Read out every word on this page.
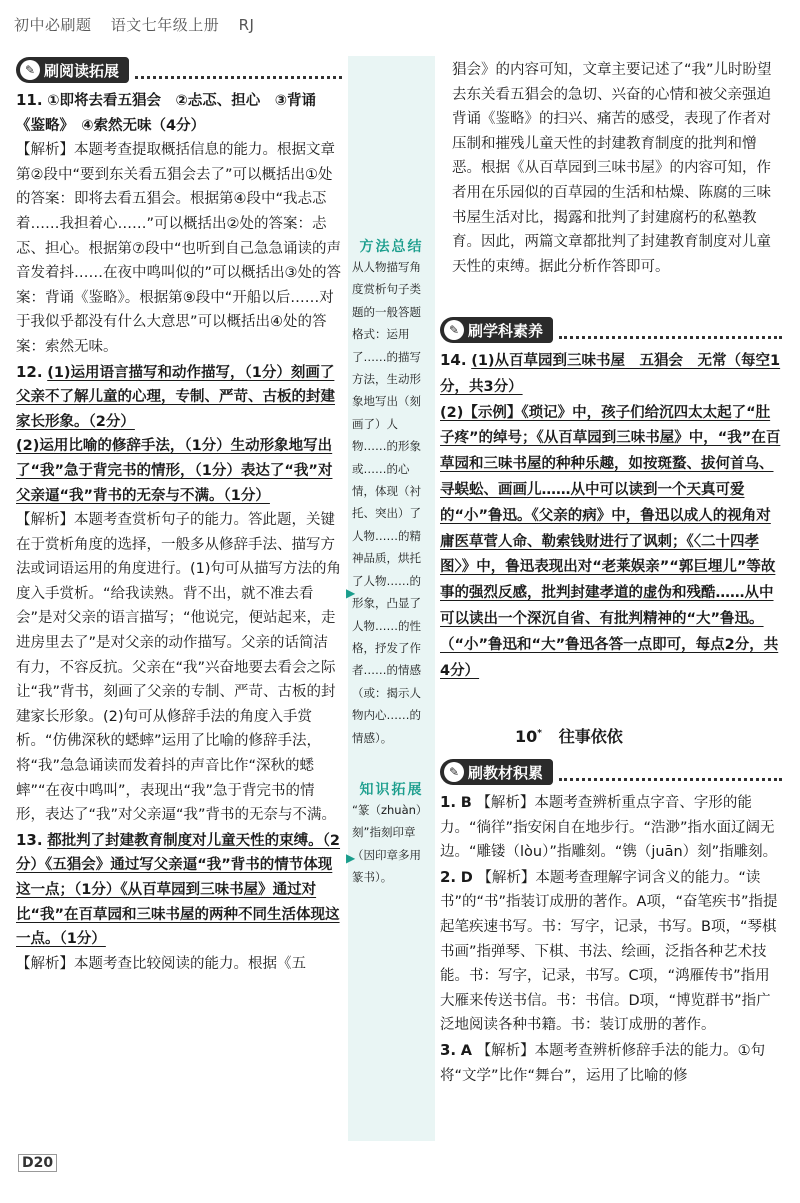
初中必刷题 语文七年级上册 RJ
✎ 刷阅读拓展

11. ①即将去看五猖会　②忐忑、担心　③背诵《鉴略》　④索然无味（4分）

【解析】本题考查提取概括信息的能力。根据文章第②段中“要到东关看五猖会去了”可以概括出①处的答案：即将去看五猖会。根据第④段中“我忐忑着……我担着心……”可以概括出②处的答案：忐忑、担心。根据第⑦段中“也听到自己急急诵读的声音发着抖……在夜中鸣叫似的”可以概括出③处的答案：背诵《鉴略》。根据第⑨段中“开船以后……对于我似乎都没有什么大意思”可以概括出④处的答案：索然无味。

12. (1)运用语言描写和动作描写，（1分）刻画了父亲不了解儿童的心理，专制、严苛、古板的封建家长形象。（2分）

(2)运用比喻的修辞手法，（1分）生动形象地写出了“我”急于背完书的情形，（1分）表达了“我”对父亲逼“我”背书的无奈与不满。（1分）

【解析】本题考查赏析句子的能力。答此题，关键在于赏析角度的选择，一般多从修辞手法、描写方法或词语运用的角度进行。(1)句可从描写方法的角度入手赏析。“给我读熟。背不出，就不准去看会”是对父亲的语言描写；“他说完，便站起来，走进房里去了”是对父亲的动作描写。父亲的话简洁有力，不容反抗。父亲在“我”兴奋地要去看会之际让“我”背书，刻画了父亲的专制、严苛、古板的封建家长形象。(2)句可从修辞手法的角度入手赏析。“仿佛深秋的蟋蟀”运用了比喻的修辞手法，将“我”急急诵读而发着抖的声音比作“深秋的蟋蟀”“在夜中鸣叫”，表现出“我”急于背完书的情形，表达了“我”对父亲逼“我”背书的无奈与不满。

13. 都批判了封建教育制度对儿童天性的束缚。（2分）《五猖会》通过写父亲逼“我”背书的情节体现这一点；（1分）《从百草园到三味书屋》通过对比“我”在百草园和三味书屋的两种不同生活体现这一点。（1分）

【解析】本题考查比较阅读的能力。根据《五

方法总结
从人物描写角度赏析句子类题的一般答题格式：运用了……的描写方法，生动形象地写出（刻画了）人物……的形象或……的心情，体现（衬托、突出）了人物……的精神品质，烘托了人物……的形象，凸显了人物……的性格，抒发了作者……的情感（或：揭示人物内心……的情感）。
▶
知识拓展
“篆（zhuàn）刻”指刻印章（因印章多用篆书）。
▶

猖会》的内容可知，文章主要记述了“我”儿时盼望去东关看五猖会的急切、兴奋的心情和被父亲强迫背诵《鉴略》的扫兴、痛苦的感受，表现了作者对压制和摧残儿童天性的封建教育制度的批判和憎恶。根据《从百草园到三味书屋》的内容可知，作者用在乐园似的百草园的生活和枯燥、陈腐的三味书屋生活对比，揭露和批判了封建腐朽的私塾教育。因此，两篇文章都批判了封建教育制度对儿童天性的束缚。据此分析作答即可。

✎ 刷学科素养

14. (1)从百草园到三味书屋　五猖会　无常（每空1分，共3分）

(2)【示例】《琐记》中，孩子们给沉四太太起了“肚子疼”的绰号；《从百草园到三味书屋》中，“我”在百草园和三味书屋的种种乐趣，如按斑蝥、拔何首乌、寻蜈蚣、画画儿……从中可以读到一个天真可爱的“小”鲁迅。《父亲的病》中，鲁迅以成人的视角对庸医草菅人命、勒索钱财进行了讽刺；《〈二十四孝图〉》中，鲁迅表现出对“老莱娱亲”“郭巨埋儿”等故事的强烈反感，批判封建孝道的虚伪和残酷……从中可以读出一个深沉自省、有批判精神的“大”鲁迅。（“小”鲁迅和“大”鲁迅各答一点即可，每点2分，共4分）

10* 往事依依
✎ 刷教材积累

1. B 【解析】本题考查辨析重点字音、字形的能力。“徜徉”指安闲自在地步行。“浩渺”指水面辽阔无边。“雕镂（lòu）”指雕刻。“镌（juān）刻”指雕刻。

2. D 【解析】本题考查理解字词含义的能力。“读书”的“书”指装订成册的著作。A项，“奋笔疾书”指提起笔疾速书写。书：写字，记录，书写。B项，“琴棋书画”指弹琴、下棋、书法、绘画，泛指各种艺术技能。书：写字，记录，书写。C项，“鸿雁传书”指用大雁来传送书信。书：书信。D项，“博览群书”指广泛地阅读各种书籍。书：装订成册的著作。

3. A 【解析】本题考查辨析修辞手法的能力。①句将“文学”比作“舞台”，运用了比喻的修

D20
